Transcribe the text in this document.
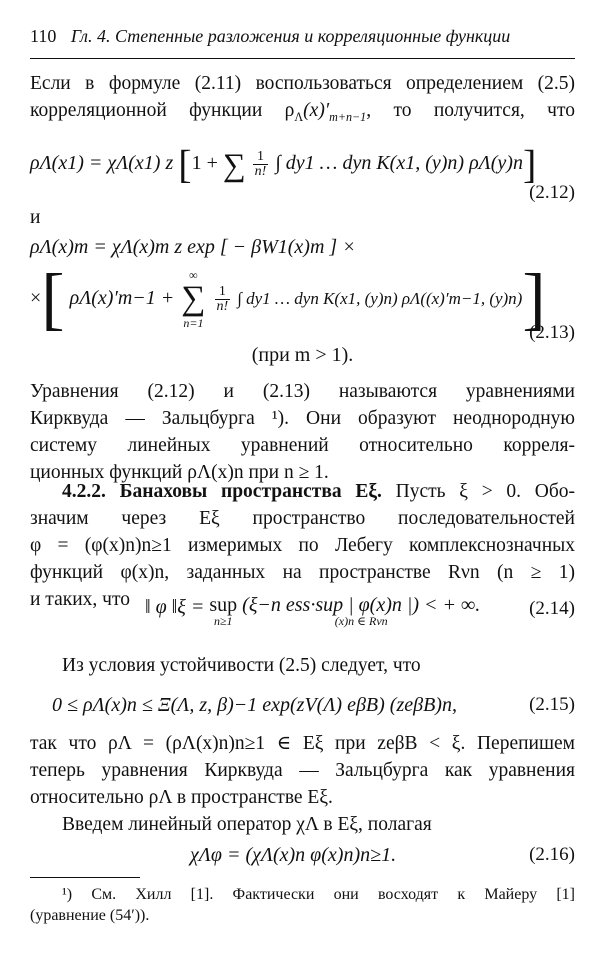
110 Гл. 4. Степенные разложения и корреляционные функции
Если в формуле (2.11) воспользоваться определением (2.5)
корреляционной функции $\rho_\Lambda(x)'_{m+n-1}$, то получится, что
ρΛ(x1) = χΛ(x1) z [1 + ∑ $\frac{1}{n!}$ ∫ dy1 … dyn K(x1, (y)n) ρΛ(y)n]
(2.12)
и
ρΛ(x)m = χΛ(x)m z exp [ − βW1(x)m ] ×
×[ ρΛ(x)′m−1 +
∞
∑
n=1

$\frac{1}{n!}$ ∫ dy1 … dyn K(x1, (y)n) ρΛ((x)′m−1, (y)n)]
(2.13)
(при m > 1).
Уравнения (2.12) и (2.13) называются уравнениями
Кирквуда — Зальцбурга ¹). Они образуют неоднородную
систему линейных уравнений относительно корреля-
ционных функций ρΛ(x)n при n ≥ 1.
4.2.2. Банаховы пространства Eξ. Пусть ξ > 0. Обо-
значим через Eξ пространство последовательностей
φ = (φ(x)n)n≥1 измеримых по Лебегу комплекснозначных
функций φ(x)n, заданных на пространстве Rνn (n ≥ 1)
и таких, что ‖ φ ‖ξ = sup
n≥1
(ξ−n ess·sup | φ(x)n |) < + ∞.
(x)n ∈ Rνn
(2.14)
Из условия устойчивости (2.5) следует, что
0 ≤ ρΛ(x)n ≤ Ξ(Λ, z, β)−1 exp(zV(Λ) eβB) (zeβB)n,	(2.15)
так что ρΛ = (ρΛ(x)n)n≥1 ∈ Eξ при zeβB < ξ. Перепишем
теперь уравнения Кирквуда — Зальцбурга как уравнения
относительно ρΛ в пространстве Eξ.
Введем линейный оператор χΛ в Eξ, полагая
χΛφ = (χΛ(x)n φ(x)n)n≥1.	(2.16)
¹) См. Хилл [1]. Фактически они восходят к Майеру [1]
(уравнение (54′)).
